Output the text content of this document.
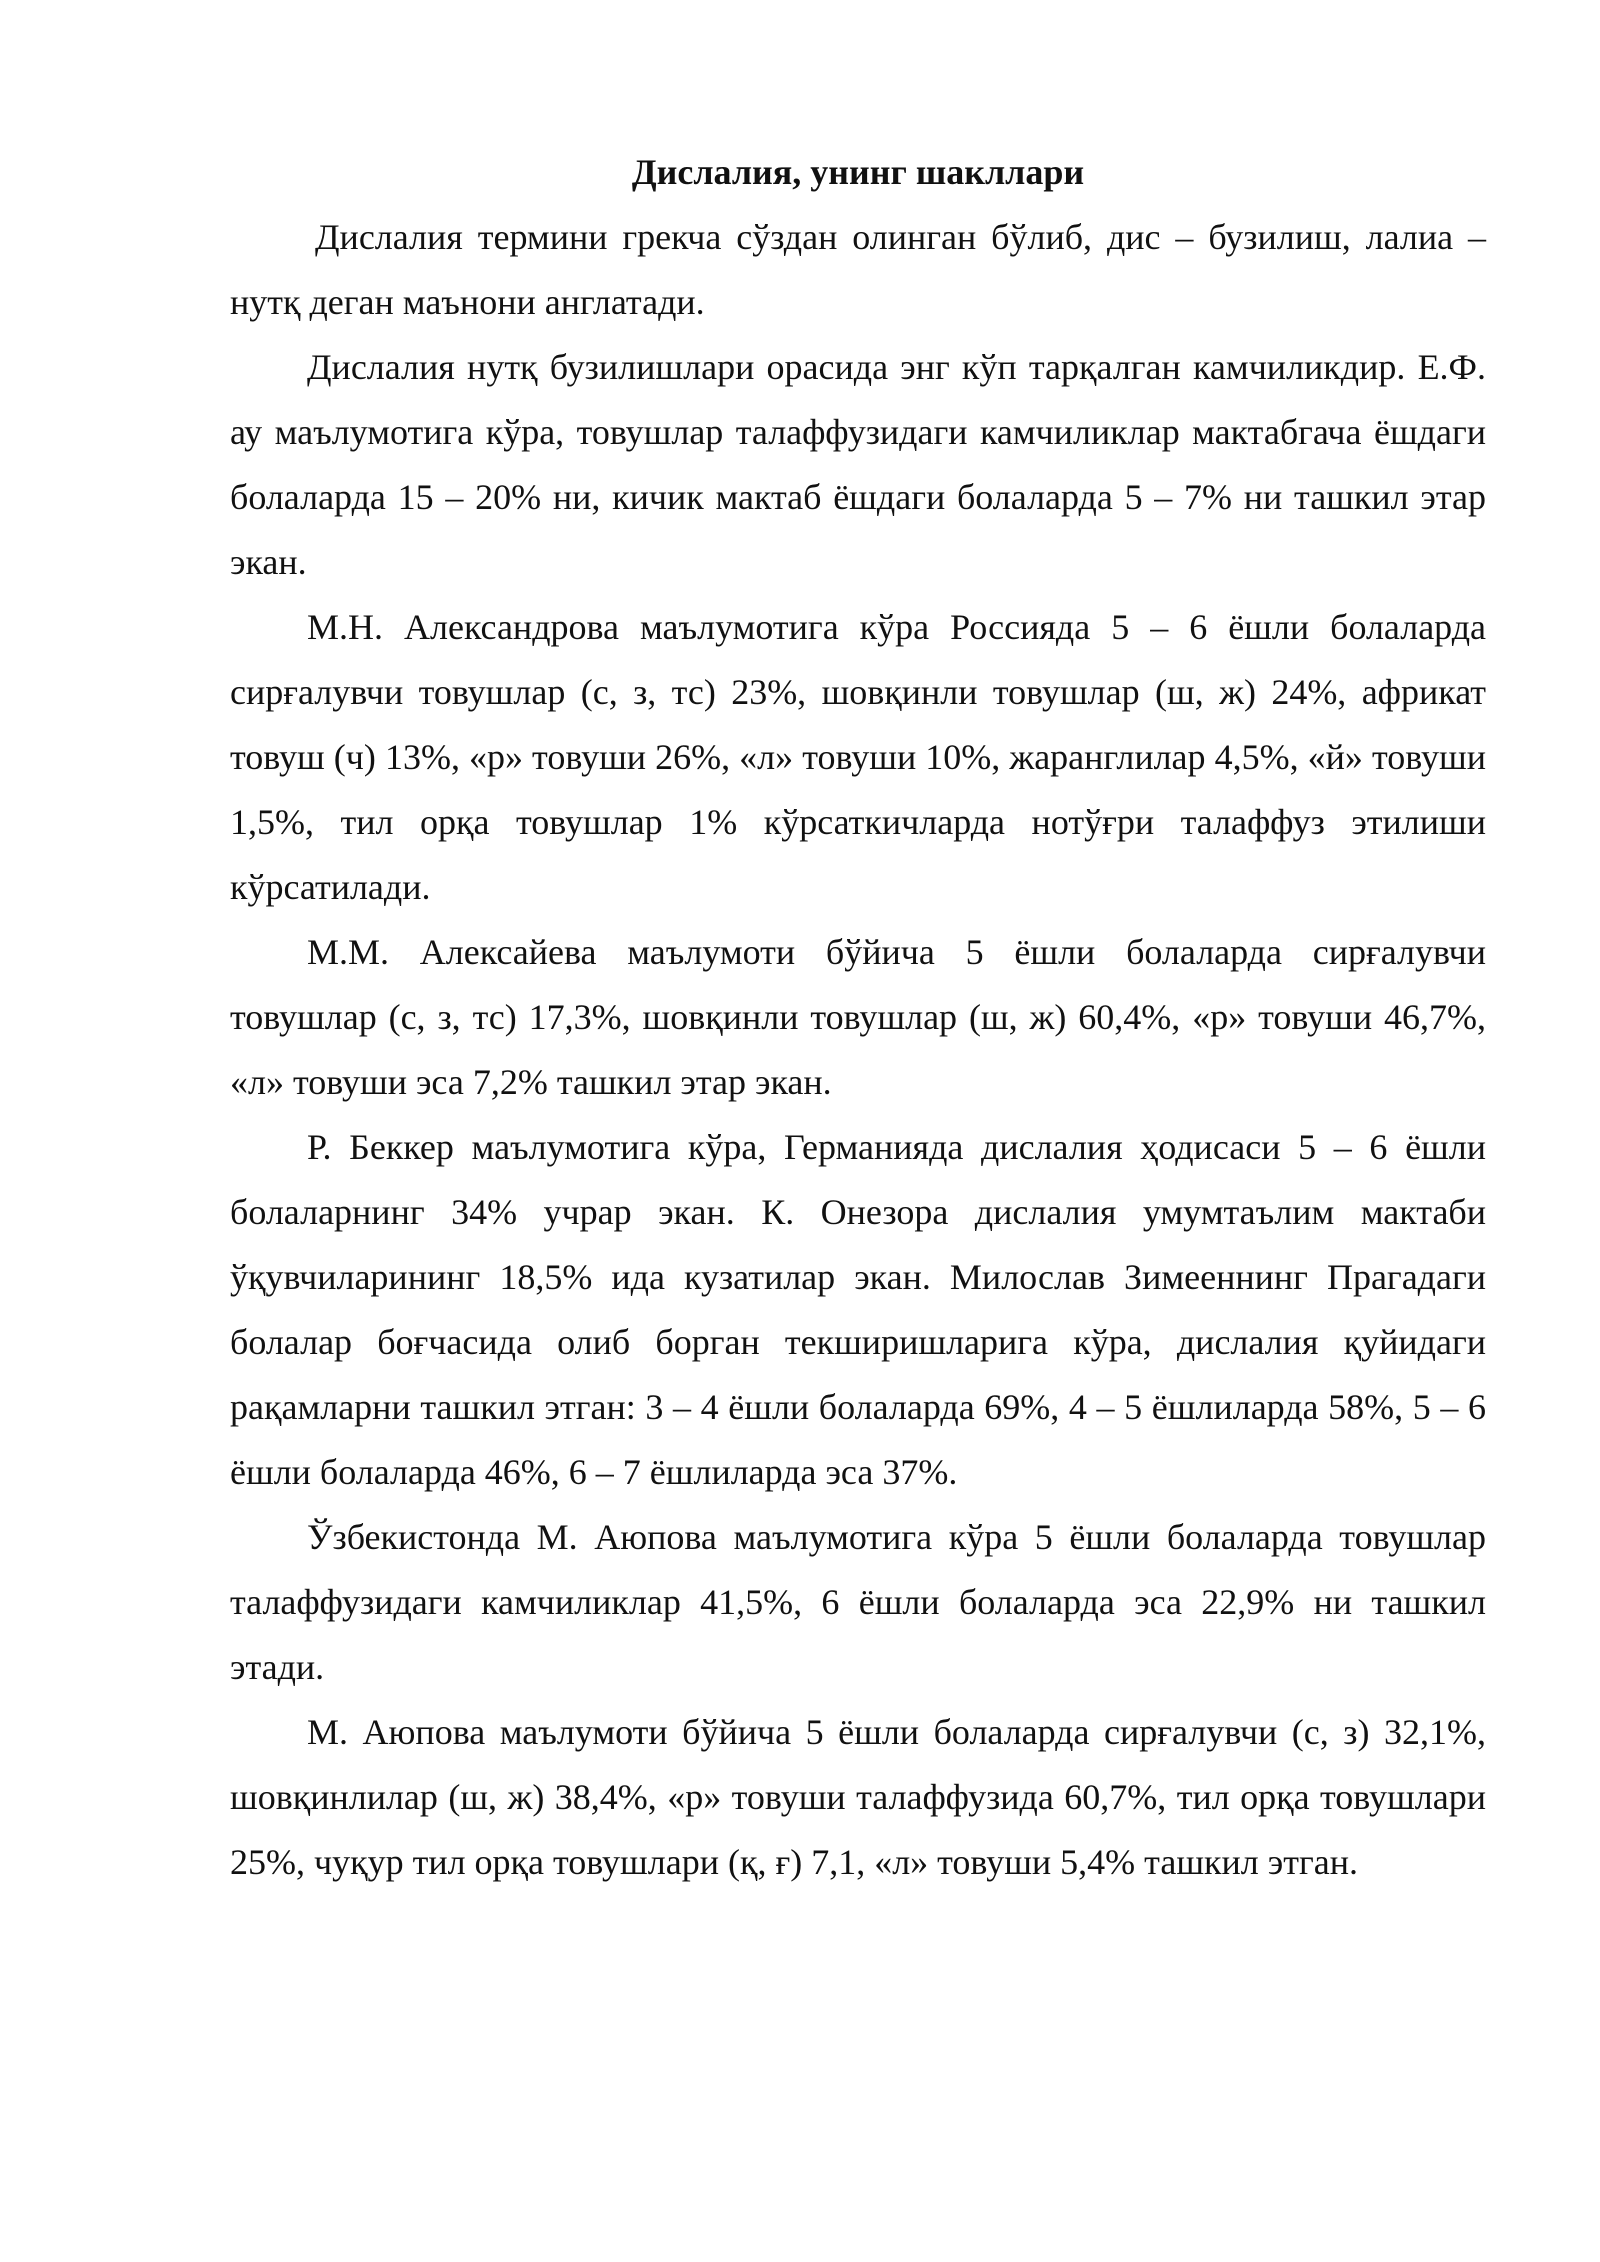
Дислалия, унинг шакллари

Дислалия термини грекча сўздан олинган бўлиб, дис – бузилиш, лалиа – нутқ деган маънони англатади.

Дислалия нутқ бузилишлари орасида энг кўп тарқалган камчиликдир. Е.Ф. ау маълумотига кўра, товушлар талаффузидаги камчиликлар мактабгача ёшдаги болаларда 15 – 20% ни, кичик мактаб ёшдаги болаларда 5 – 7% ни ташкил этар экан.

М.Н. Александрова маълумотига кўра Россияда 5 – 6 ёшли болаларда сирғалувчи товушлар (с, з, тс) 23%, шовқинли товушлар (ш, ж) 24%, африкат товуш (ч) 13%, «р» товуши 26%, «л» товуши 10%, жаранглилар 4,5%, «й» товуши 1,5%, тил орқа товушлар 1% кўрсаткичларда нотўғри талаффуз этилиши кўрсатилади.

М.М. Алексайева маълумоти бўйича 5 ёшли болаларда сирғалувчи товушлар (с, з, тс) 17,3%, шовқинли товушлар (ш, ж) 60,4%, «р» товуши 46,7%, «л» товуши эса 7,2% ташкил этар экан.

Р. Беккер маълумотига кўра, Германияда дислалия ҳодисаси 5 – 6 ёшли болаларнинг 34% учрар экан. К. Онезора дислалия умумтаълим мактаби ўқувчиларининг 18,5% ида кузатилар экан. Милослав Зимееннинг Прагадаги болалар боғчасида олиб борган текширишларига кўра, дислалия қуйидаги рақамларни ташкил этган: 3 – 4 ёшли болаларда 69%, 4 – 5 ёшлиларда 58%, 5 – 6 ёшли болаларда 46%, 6 – 7 ёшлиларда эса 37%.

Ўзбекистонда М. Аюпова маълумотига кўра 5 ёшли болаларда товушлар талаффузидаги камчиликлар 41,5%, 6 ёшли болаларда эса 22,9% ни ташкил этади.

М. Аюпова маълумоти бўйича 5 ёшли болаларда сирғалувчи (с, з) 32,1%, шовқинлилар (ш, ж) 38,4%, «р» товуши талаффузида 60,7%, тил орқа товушлари 25%, чуқур тил орқа товушлари (қ, ғ) 7,1, «л» товуши 5,4% ташкил этган.
